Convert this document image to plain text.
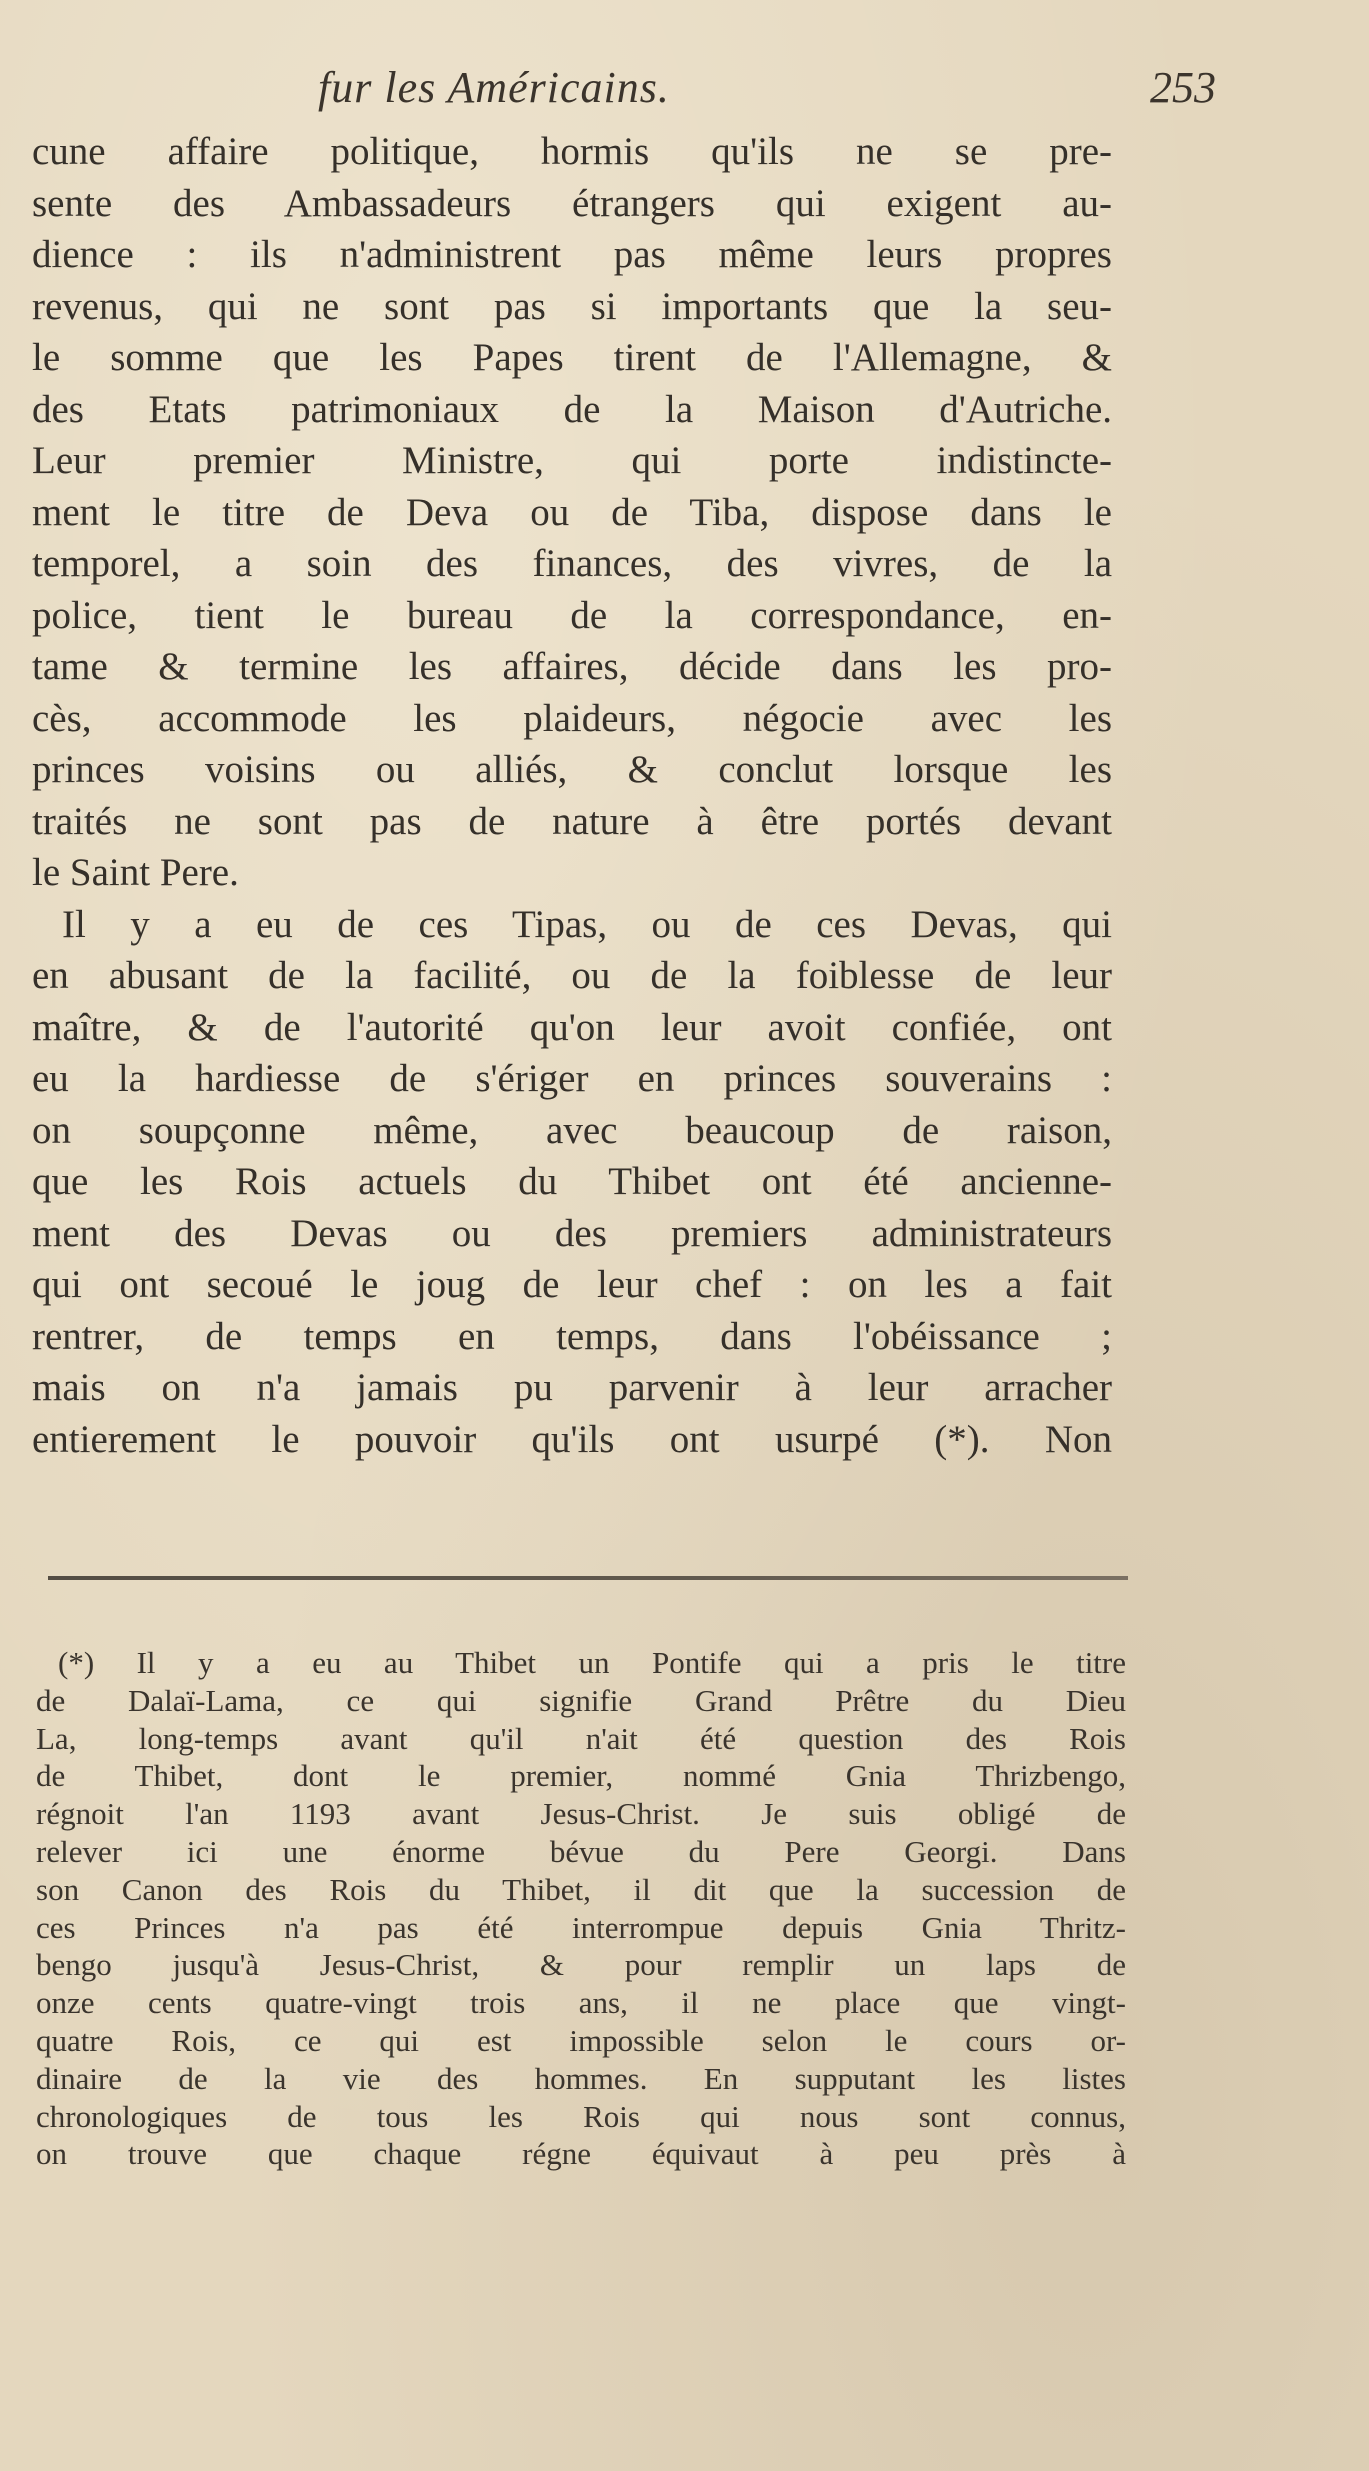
fur les Américains.	253
cune affaire politique, hormis qu'ils ne se pre-
sente des Ambassadeurs étrangers qui exigent au-
dience : ils n'administrent pas même leurs propres
revenus, qui ne sont pas si importants que la seu-
le somme que les Papes tirent de l'Allemagne, &
des Etats patrimoniaux de la Maison d'Autriche.
Leur premier Ministre, qui porte indistincte-
ment le titre de Deva ou de Tiba, dispose dans le
temporel, a soin des finances, des vivres, de la
police, tient le bureau de la correspondance, en-
tame & termine les affaires, décide dans les pro-
cès, accommode les plaideurs, négocie avec les
princes voisins ou alliés, & conclut lorsque les
traités ne sont pas de nature à être portés devant
le Saint Pere.
Il y a eu de ces Tipas, ou de ces Devas, qui
en abusant de la facilité, ou de la foiblesse de leur
maître, & de l'autorité qu'on leur avoit confiée, ont
eu la hardiesse de s'ériger en princes souverains :
on soupçonne même, avec beaucoup de raison,
que les Rois actuels du Thibet ont été ancienne-
ment des Devas ou des premiers administrateurs
qui ont secoué le joug de leur chef : on les a fait
rentrer, de temps en temps, dans l'obéissance ;
mais on n'a jamais pu parvenir à leur arracher
entierement le pouvoir qu'ils ont usurpé (*). Non
(*) Il y a eu au Thibet un Pontife qui a pris le titre
de Dalaï-Lama, ce qui signifie Grand Prêtre du Dieu
La, long-temps avant qu'il n'ait été question des Rois
de Thibet, dont le premier, nommé Gnia Thrizbengo,
régnoit l'an 1193 avant Jesus-Christ. Je suis obligé de
relever ici une énorme bévue du Pere Georgi. Dans
son Canon des Rois du Thibet, il dit que la succession de
ces Princes n'a pas été interrompue depuis Gnia Thritz-
bengo jusqu'à Jesus-Christ, & pour remplir un laps de
onze cents quatre-vingt trois ans, il ne place que vingt-
quatre Rois, ce qui est impossible selon le cours or-
dinaire de la vie des hommes. En supputant les listes
chronologiques de tous les Rois qui nous sont connus,
on trouve que chaque régne équivaut à peu près à
